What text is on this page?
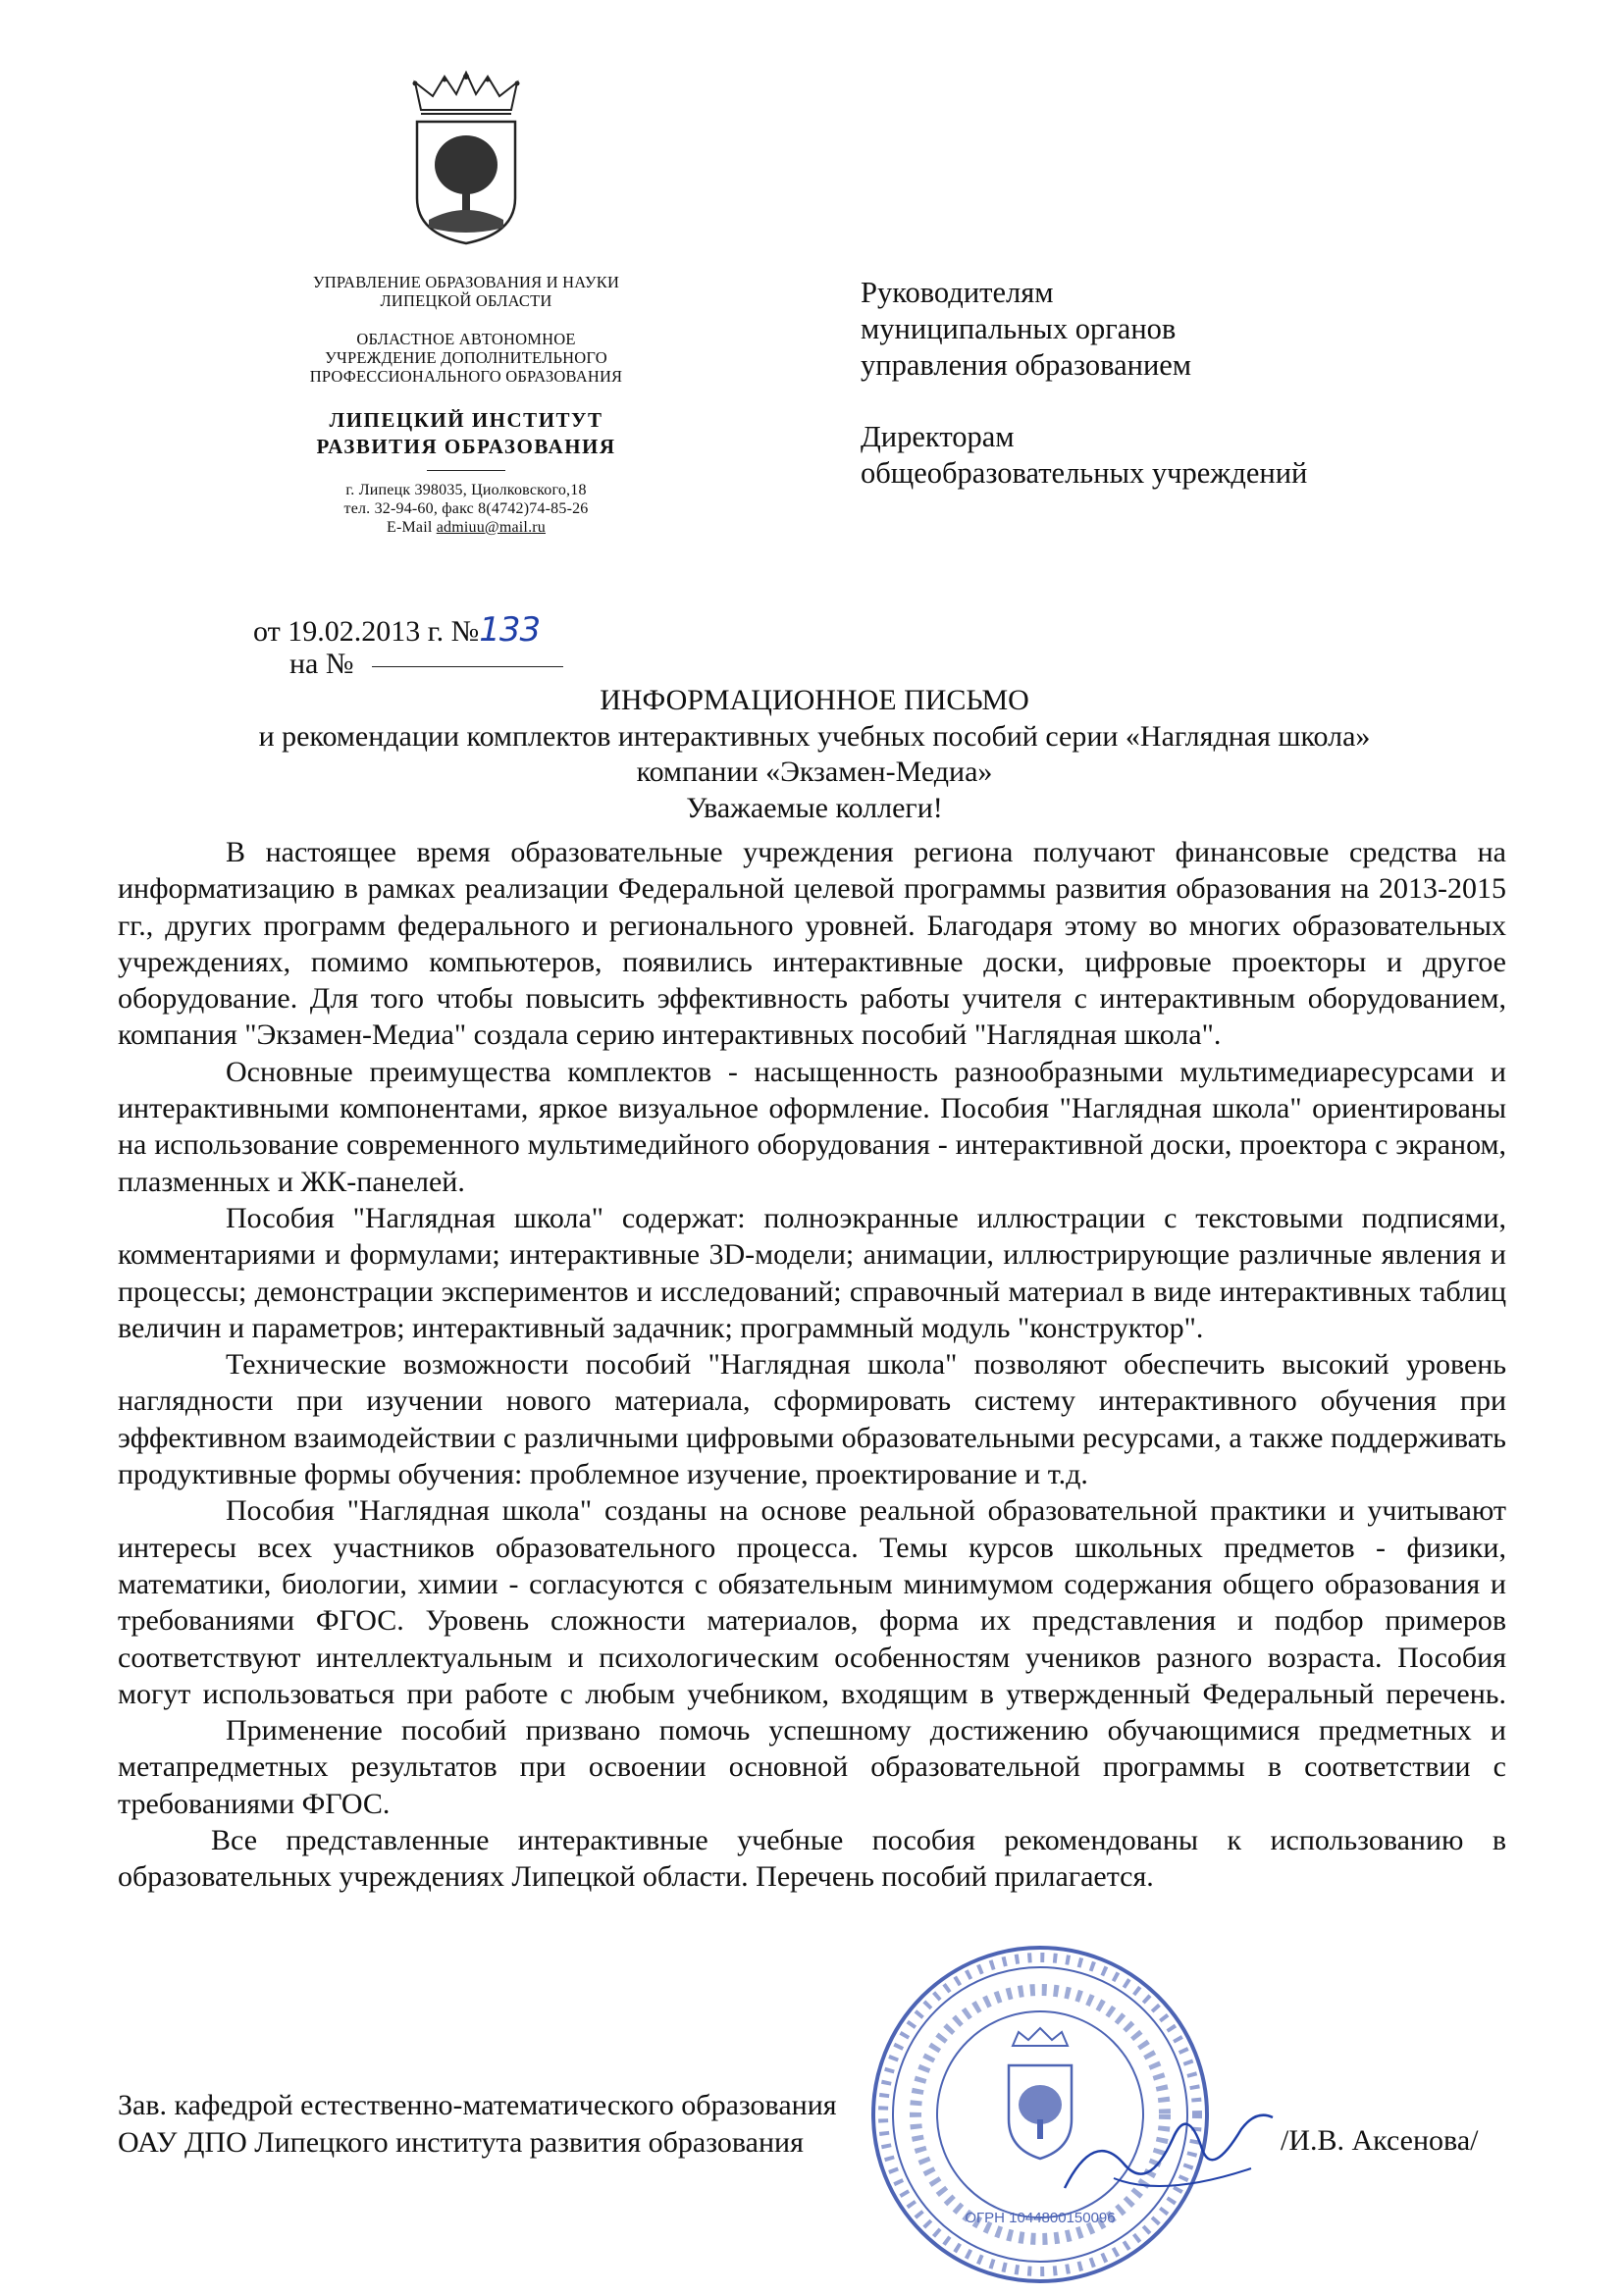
УПРАВЛЕНИЕ ОБРАЗОВАНИЯ И НАУКИ
ЛИПЕЦКОЙ ОБЛАСТИ
ОБЛАСТНОЕ АВТОНОМНОЕ
УЧРЕЖДЕНИЕ ДОПОЛНИТЕЛЬНОГО
ПРОФЕССИОНАЛЬНОГО ОБРАЗОВАНИЯ
ЛИПЕЦКИЙ ИНСТИТУТ
РАЗВИТИЯ ОБРАЗОВАНИЯ
г. Липецк 398035, Циолковского,18
тел. 32-94-60, факс 8(4742)74-85-26
E-Mail admiuu@mail.ru
Руководителям
муниципальных органов
управления образованием
Директорам
общеобразовательных учреждений
от 19.02.2013 г. №133
на №
ИНФОРМАЦИОННОЕ ПИСЬМО
и рекомендации комплектов интерактивных учебных пособий серии «Наглядная школа»
компании «Экзамен-Медиа»
Уважаемые коллеги!

В настоящее время образовательные учреждения региона получают финансовые средства на информатизацию в рамках реализации Федеральной целевой программы развития образования на 2013-2015 гг., других программ федерального и регионального уровней. Благодаря этому во многих образовательных учреждениях, помимо компьютеров, появились интерактивные доски, цифровые проекторы и другое оборудование. Для того чтобы повысить эффективность работы учителя с интерактивным оборудованием, компания "Экзамен-Медиа" создала серию интерактивных пособий "Наглядная школа".

Основные преимущества комплектов - насыщенность разнообразными мультимедиаресурсами и интерактивными компонентами, яркое визуальное оформление. Пособия "Наглядная школа" ориентированы на использование современного мультимедийного оборудования - интерактивной доски, проектора с экраном, плазменных и ЖК-панелей.

Пособия "Наглядная школа" содержат: полноэкранные иллюстрации с текстовыми подписями, комментариями и формулами; интерактивные 3D-модели; анимации, иллюстрирующие различные явления и процессы; демонстрации экспериментов и исследований; справочный материал в виде интерактивных таблиц величин и параметров; интерактивный задачник; программный модуль "конструктор".

Технические возможности пособий "Наглядная школа" позволяют обеспечить высокий уровень наглядности при изучении нового материала, сформировать систему интерактивного обучения при эффективном взаимодействии с различными цифровыми образовательными ресурсами, а также поддерживать продуктивные формы обучения: проблемное изучение, проектирование и т.д.

Пособия "Наглядная школа" созданы на основе реальной образовательной практики и учитывают интересы всех участников образовательного процесса. Темы курсов школьных предметов - физики, математики, биологии, химии - согласуются с обязательным минимумом содержания общего образования и требованиями ФГОС. Уровень сложности материалов, форма их представления и подбор примеров соответствуют интеллектуальным и психологическим особенностям учеников разного возраста. Пособия могут использоваться при работе с любым учебником, входящим в утвержденный Федеральный перечень.

Применение пособий призвано помочь успешному достижению обучающимися предметных и метапредметных результатов при освоении основной образовательной программы в соответствии с требованиями ФГОС.

Все представленные интерактивные учебные пособия рекомендованы к использованию в образовательных учреждениях Липецкой области. Перечень пособий прилагается.

ОГРН 1044800150096
Зав. кафедрой естественно-математического образования
ОАУ ДПО Липецкого института развития образования	/И.В. Аксенова/
